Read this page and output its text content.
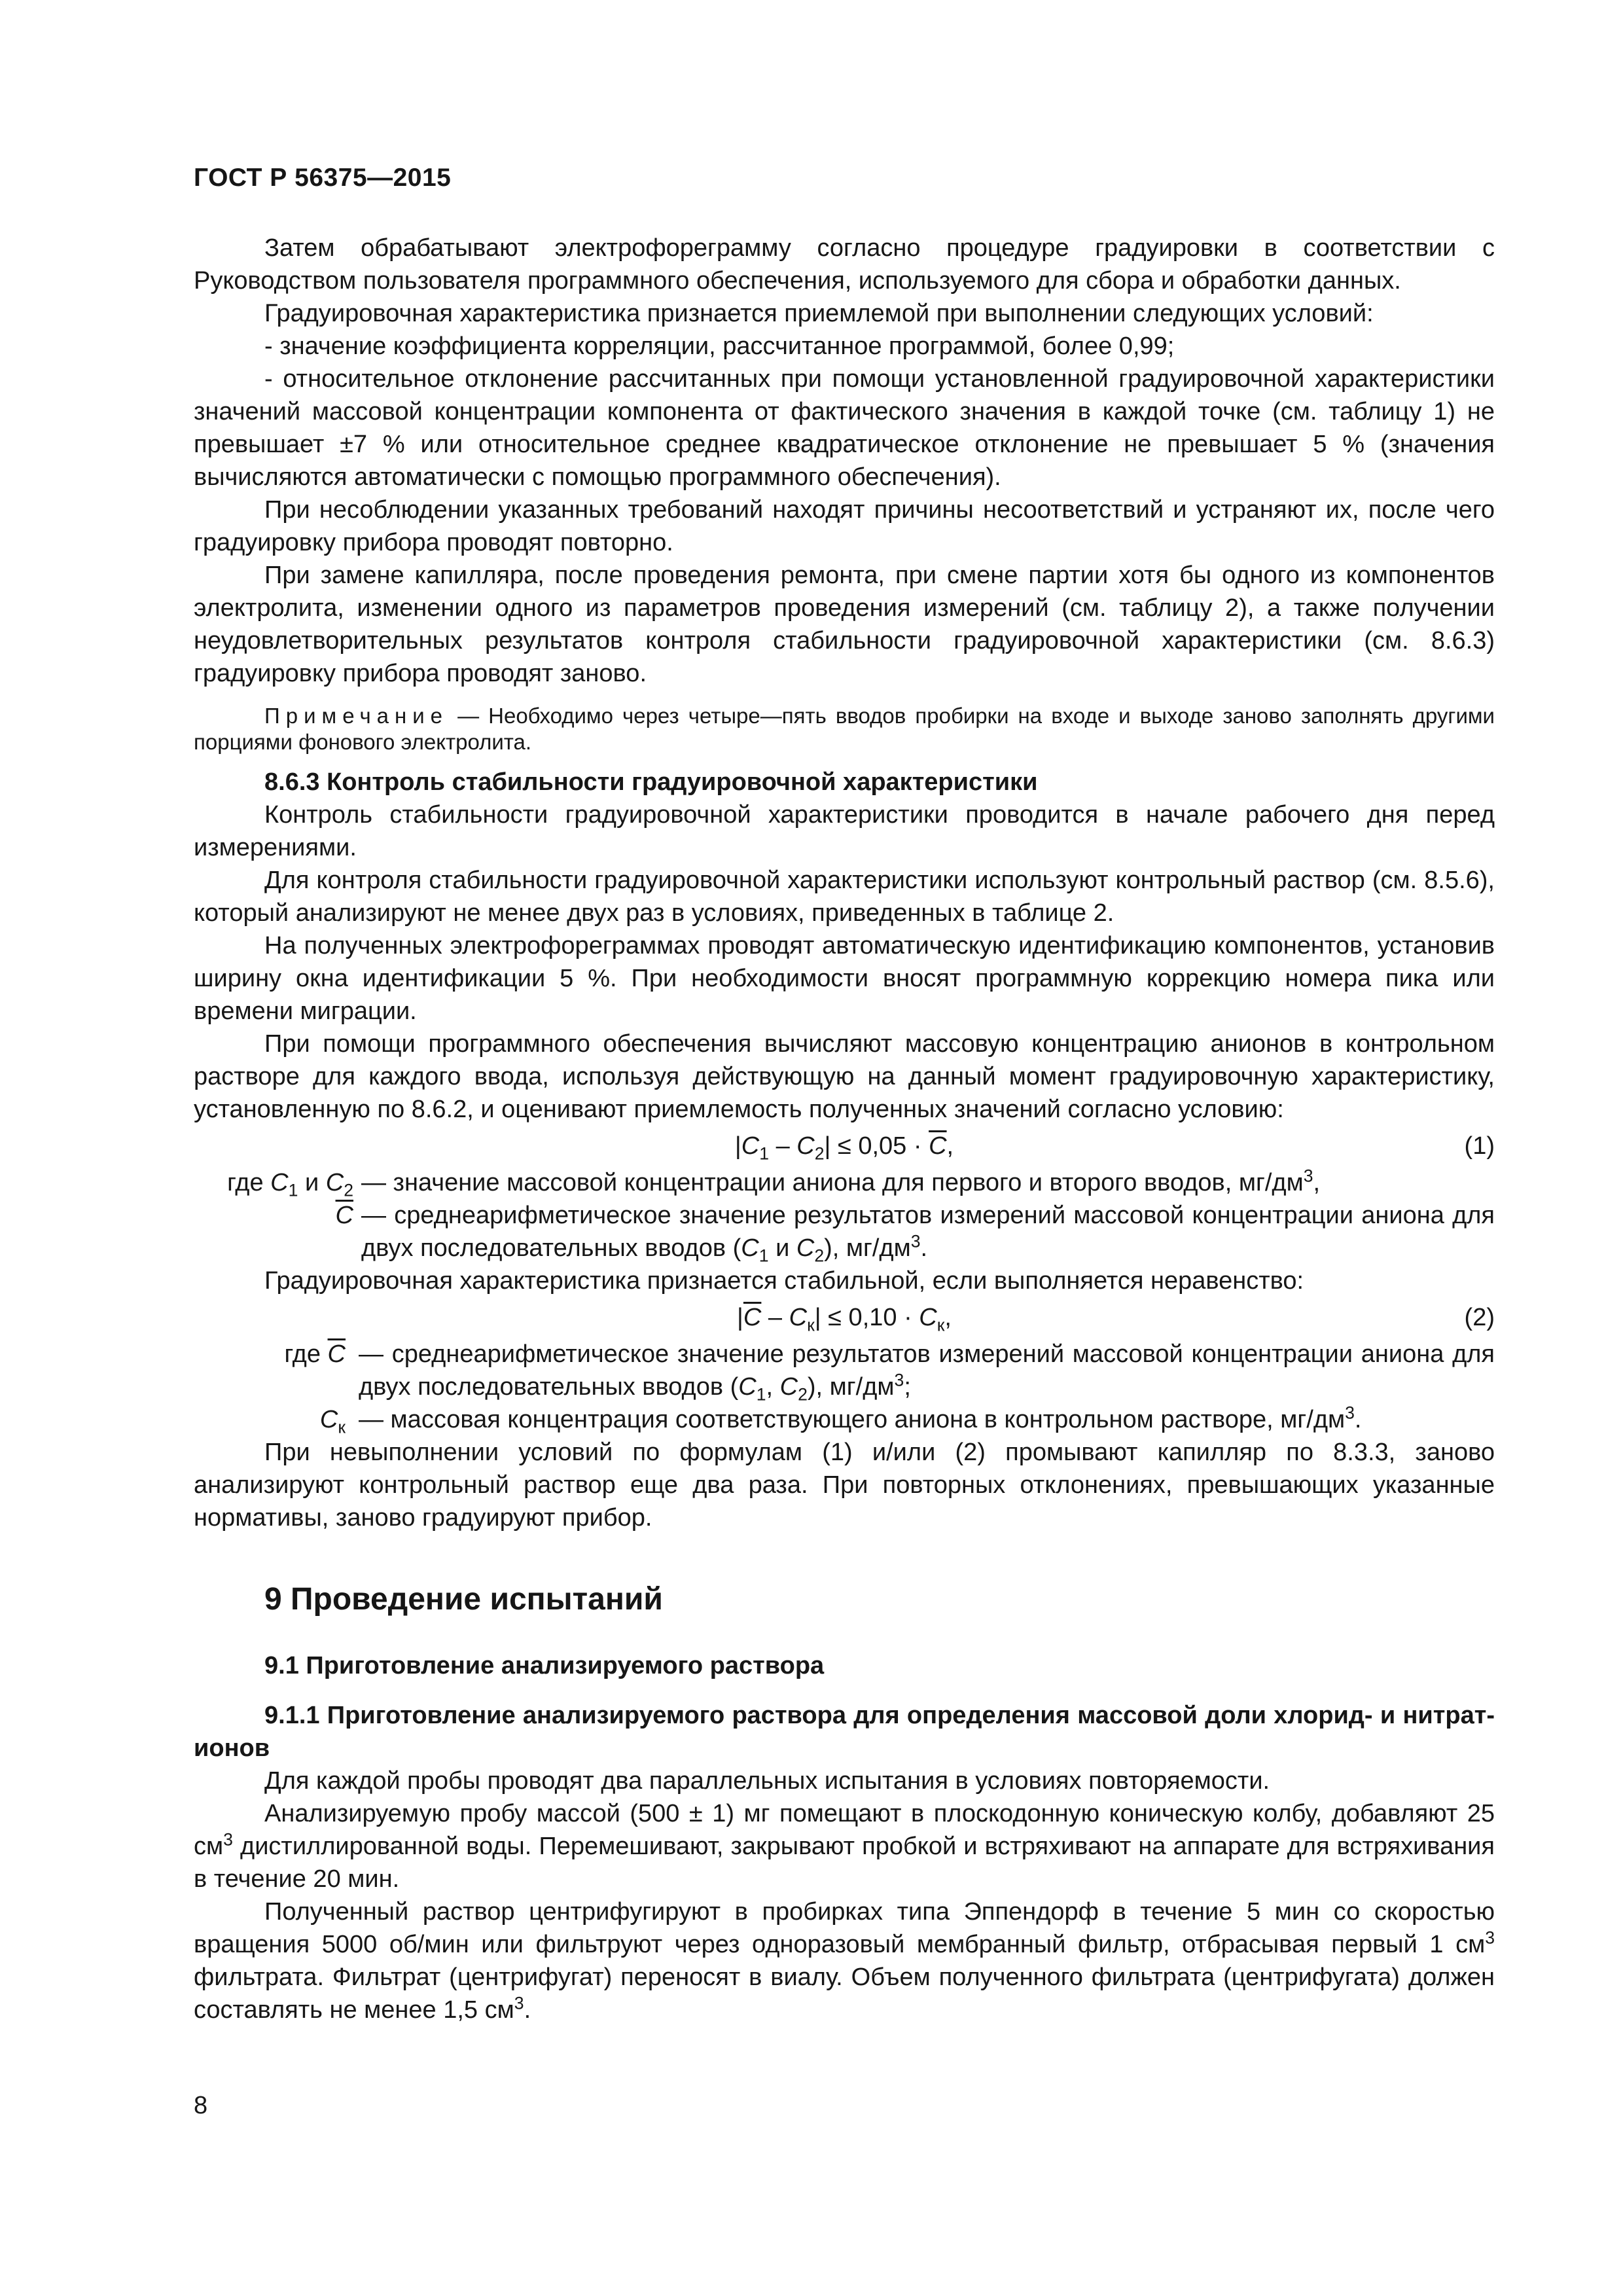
ГОСТ Р 56375—2015

Затем обрабатывают электрофореграмму согласно процедуре градуировки в соответствии с Руководством пользователя программного обеспечения, используемого для сбора и обработки данных.

Градуировочная характеристика признается приемлемой при выполнении следующих условий:

- значение коэффициента корреляции, рассчитанное программой, более 0,99;

- относительное отклонение рассчитанных при помощи установленной градуировочной характеристики значений массовой концентрации компонента от фактического значения в каждой точке (см. таблицу 1) не превышает ±7 % или относительное среднее квадратическое отклонение не превышает 5 % (значения вычисляются автоматически с помощью программного обеспечения).

При несоблюдении указанных требований находят причины несоответствий и устраняют их, после чего градуировку прибора проводят повторно.

При замене капилляра, после проведения ремонта, при смене партии хотя бы одного из компонентов электролита, изменении одного из параметров проведения измерений (см. таблицу 2), а также получении неудовлетворительных результатов контроля стабильности градуировочной характеристики (см. 8.6.3) градуировку прибора проводят заново.

Примечание — Необходимо через четыре—пять вводов пробирки на входе и выходе заново заполнять другими порциями фонового электролита.

8.6.3 Контроль стабильности градуировочной характеристики

Контроль стабильности градуировочной характеристики проводится в начале рабочего дня перед измерениями.

Для контроля стабильности градуировочной характеристики используют контрольный раствор (см. 8.5.6), который анализируют не менее двух раз в условиях, приведенных в таблице 2.

На полученных электрофореграммах проводят автоматическую идентификацию компонентов, установив ширину окна идентификации 5 %. При необходимости вносят программную коррекцию номера пика или времени миграции.

При помощи программного обеспечения вычисляют массовую концентрацию анионов в контрольном растворе для каждого ввода, используя действующую на данный момент градуировочную характеристику, установленную по 8.6.2, и оценивают приемлемость полученных значений согласно условию:

$|C_1 - C_2| \le 0,05 \cdot \overline{C}$,	(1)
где $C_1$ и $C_2$ — значение массовой концентрации аниона для первого и второго вводов, $мг/дм^3$,
$\overline{C}$ — среднеарифметическое значение результатов измерений массовой концентрации аниона для двух последовательных вводов ($C_1$ и $C_2$), $мг/дм^3$.

Градуировочная характеристика признается стабильной, если выполняется неравенство:

$|\overline{C} - C_к| \le 0,10 \cdot C_к$,	(2)
где $\overline{C}$ — среднеарифметическое значение результатов измерений массовой концентрации аниона для двух последовательных вводов ($C_1$, $C_2$), $мг/дм^3$;
$C_к$ — массовая концентрация соответствующего аниона в контрольном растворе, $мг/дм^3$.

При невыполнении условий по формулам (1) и/или (2) промывают капилляр по 8.3.3, заново анализируют контрольный раствор еще два раза. При повторных отклонениях, превышающих указанные нормативы, заново градуируют прибор.

9 Проведение испытаний
9.1 Приготовление анализируемого раствора
9.1.1 Приготовление анализируемого раствора для определения массовой доли хлорид- и нитрат-ионов

Для каждой пробы проводят два параллельных испытания в условиях повторяемости.

Анализируемую пробу массой (500 ± 1) мг помещают в плоскодонную коническую колбу, добавляют 25 $см^3$ дистиллированной воды. Перемешивают, закрывают пробкой и встряхивают на аппарате для встряхивания в течение 20 мин.

Полученный раствор центрифугируют в пробирках типа Эппендорф в течение 5 мин со скоростью вращения 5000 об/мин или фильтруют через одноразовый мембранный фильтр, отбрасывая первый 1 $см^3$ фильтрата. Фильтрат (центрифугат) переносят в виалу. Объем полученного фильтрата (центрифугата) должен составлять не менее 1,5 $см^3$.

8
